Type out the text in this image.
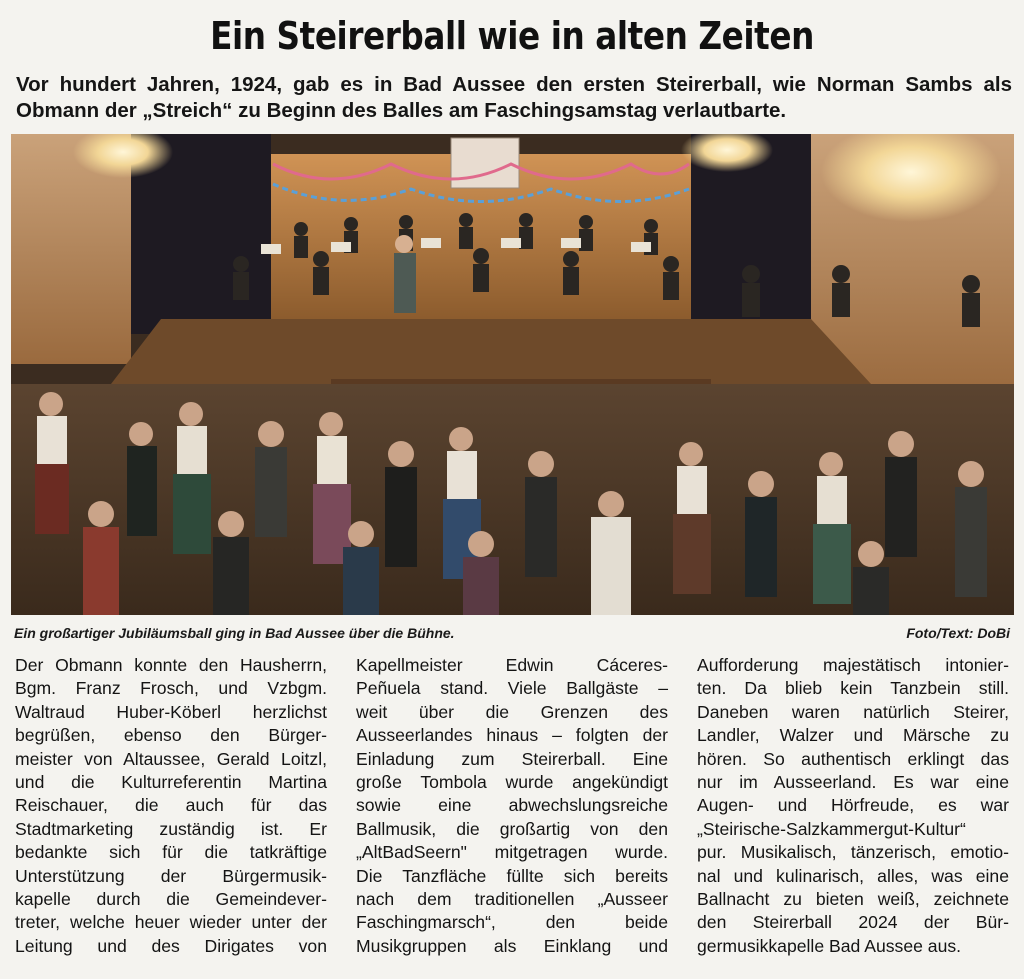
Ein Steirerball wie in alten Zeiten
Vor hundert Jahren, 1924, gab es in Bad Aussee den ersten Steirerball, wie Norman Sambs als Obmann der „Streich“ zu Beginn des Balles am Faschingsamstag verlautbarte.
Ein großartiger Jubiläumsball ging in Bad Aussee über die Bühne.	Foto/Text: DoBi
Der Obmann konnte den Hausherrn,
Bgm. Franz Frosch, und Vzbgm.
Waltraud Huber-Köberl herzlichst
begrüßen, ebenso den Bürger-
meister von Altaussee, Gerald Loitzl,
und die Kulturreferentin Martina
Reischauer, die auch für das
Stadtmarketing zuständig ist. Er
bedankte sich für die tatkräftige
Unterstützung der Bürgermusik-
kapelle durch die Gemeindever-
treter, welche heuer wieder unter der
Leitung und des Dirigates von
Kapellmeister Edwin Cáceres-
Peñuela stand. Viele Ballgäste –
weit über die Grenzen des
Ausseerlandes hinaus – folgten der
Einladung zum Steirerball. Eine
große Tombola wurde angekündigt
sowie eine abwechslungsreiche
Ballmusik, die großartig von den
„AltBadSeern" mitgetragen wurde.
Die Tanzfläche füllte sich bereits
nach dem traditionellen „Ausseer
Faschingmarsch“, den beide
Musikgruppen als Einklang und
Aufforderung majestätisch intonier-
ten. Da blieb kein Tanzbein still.
Daneben waren natürlich Steirer,
Landler, Walzer und Märsche zu
hören. So authentisch erklingt das
nur im Ausseerland. Es war eine
Augen- und Hörfreude, es war
„Steirische-Salzkammergut-Kultur“
pur. Musikalisch, tänzerisch, emotio-
nal und kulinarisch, alles, was eine
Ballnacht zu bieten weiß, zeichnete
den Steirerball 2024 der Bür-
germusikkapelle Bad Aussee aus.
